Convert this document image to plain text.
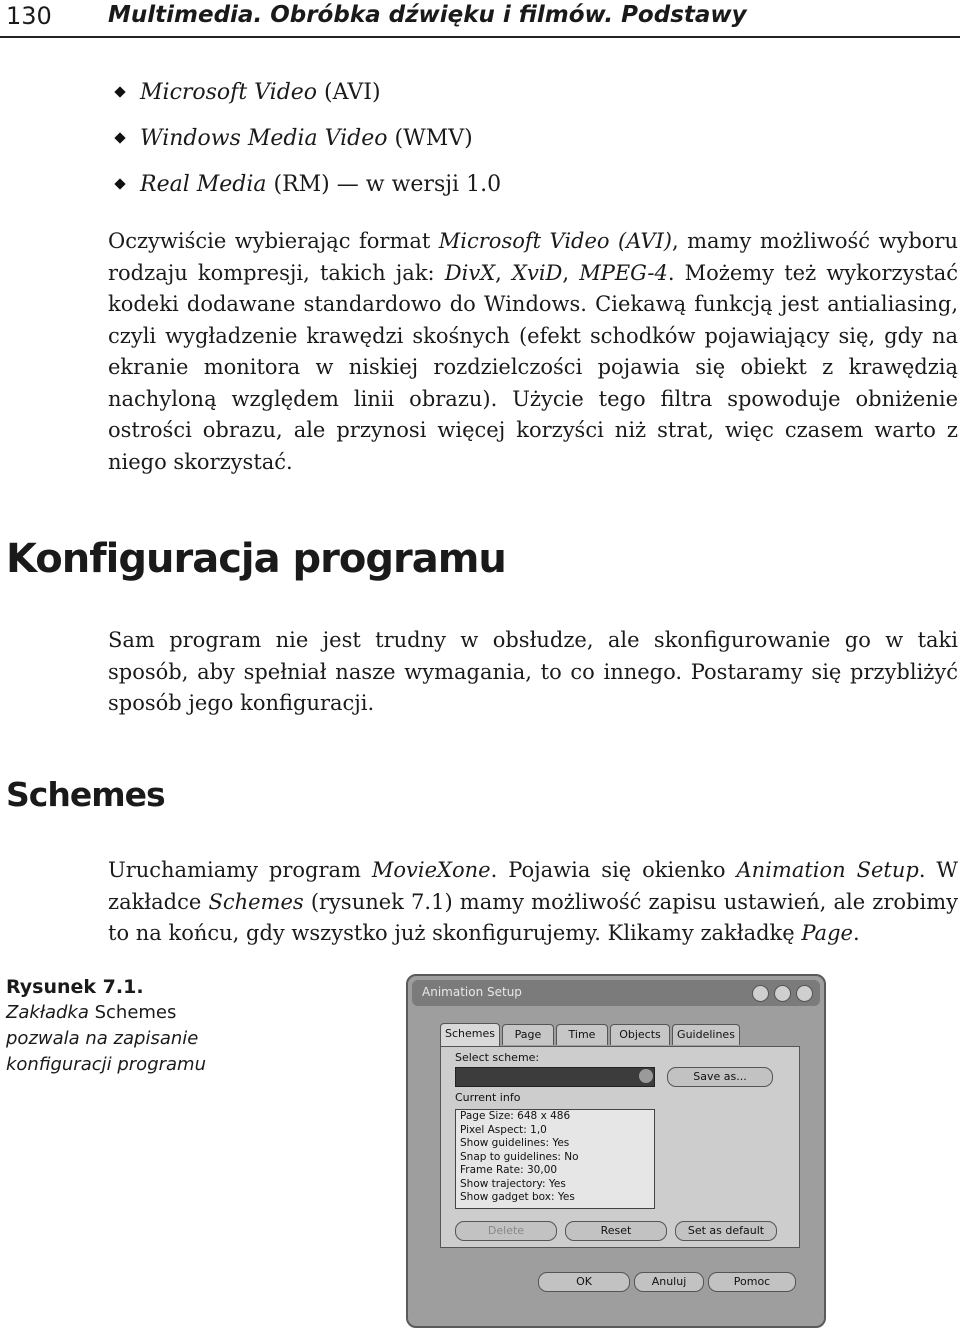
130 Multimedia. Obróbka dźwięku i filmów. Podstawy
Microsoft Video (AVI)
Windows Media Video (WMV)
Real Media (RM) — w wersji 1.0

Oczywiście wybierając format Microsoft Video (AVI), mamy możliwość wyboru rodzaju kompresji, takich jak: DivX, XviD, MPEG-4. Możemy też wykorzystać kodeki dodawane standardowo do Windows. Ciekawą funkcją jest antialiasing, czyli wygładzenie krawędzi skośnych (efekt schodków pojawiający się, gdy na ekranie monitora w niskiej rozdzielczości pojawia się obiekt z krawędzią nachyloną względem linii obrazu). Użycie tego filtra spowoduje obniżenie ostrości obrazu, ale przynosi więcej korzyści niż strat, więc czasem warto z niego skorzystać.

Konfiguracja programu

Sam program nie jest trudny w obsłudze, ale skonfigurowanie go w taki sposób, aby spełniał nasze wymagania, to co innego. Postaramy się przybliżyć sposób jego konfiguracji.

Schemes

Uruchamiamy program MovieXone. Pojawia się okienko Animation Setup. W zakładce Schemes (rysunek 7.1) mamy możliwość zapisu ustawień, ale zrobimy to na końcu, gdy wszystko już skonfigurujemy. Klikamy zakładkę Page.

Rysunek 7.1.
Zakładka Schemes
pozwala na zapisanie
konfiguracji programu
Animation Setup
Schemes	Page	Time	Objects	Guidelines
Select scheme:
Save as...
Current info
Page Size: 648 x 486
Pixel Aspect: 1,0
Show guidelines: Yes
Snap to guidelines: No
Frame Rate: 30,00
Show trajectory: Yes
Show gadget box: Yes
Delete	Reset	Set as default
OK	Anuluj	Pomoc
